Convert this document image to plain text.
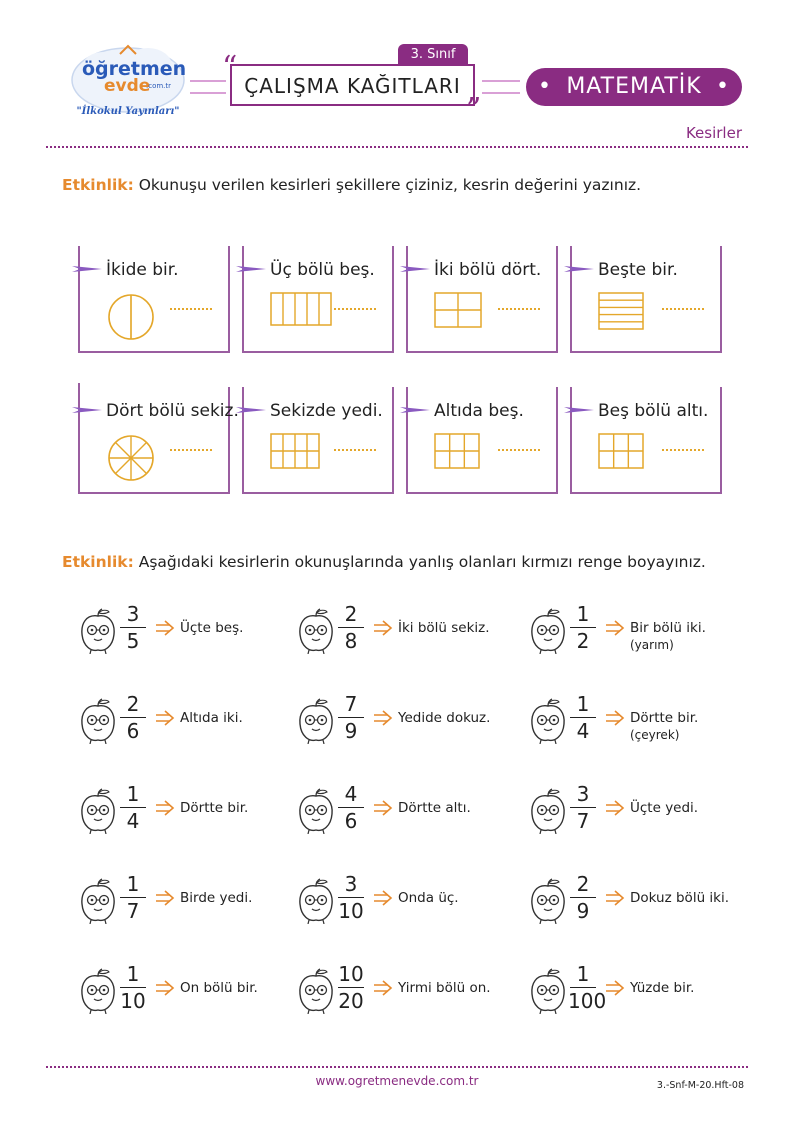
öğretmen
evde
.com.tr
"İlkokul Yayınları"
3. Sınıf
“
ÇALIŞMA KAĞITLARI
”
• MATEMATİK •
Kesirler
Etkinlik: Okunuşu verilen kesirleri şekillere çiziniz, kesrin değerini yazınız.
İkide bir.	Üç bölü beş.	İki bölü dört.	Beşte bir.
Dört bölü sekiz. Sekizde yedi.	Altıda beş.	Beş bölü altı.
Etkinlik: Aşağıdaki kesirlerin okunuşlarında yanlış olanları kırmızı renge boyayınız.
3
5
Üçte beş.
2
8
İki bölü sekiz.
1
2
Bir bölü iki.
(yarım)
2
6
Altıda iki.
7
9
Yedide dokuz.
1
4
Dörtte bir.
(çeyrek)
1
4
Dörtte bir.
4
6
Dörtte altı.
3
7
Üçte yedi.
1
7
Birde yedi.
3
10
Onda üç.
2
9
Dokuz bölü iki.
1
10
On bölü bir.
10
20
Yirmi bölü on.
1
100
Yüzde bir.
www.ogretmenevde.com.tr	3.-Snf-M-20.Hft-08
